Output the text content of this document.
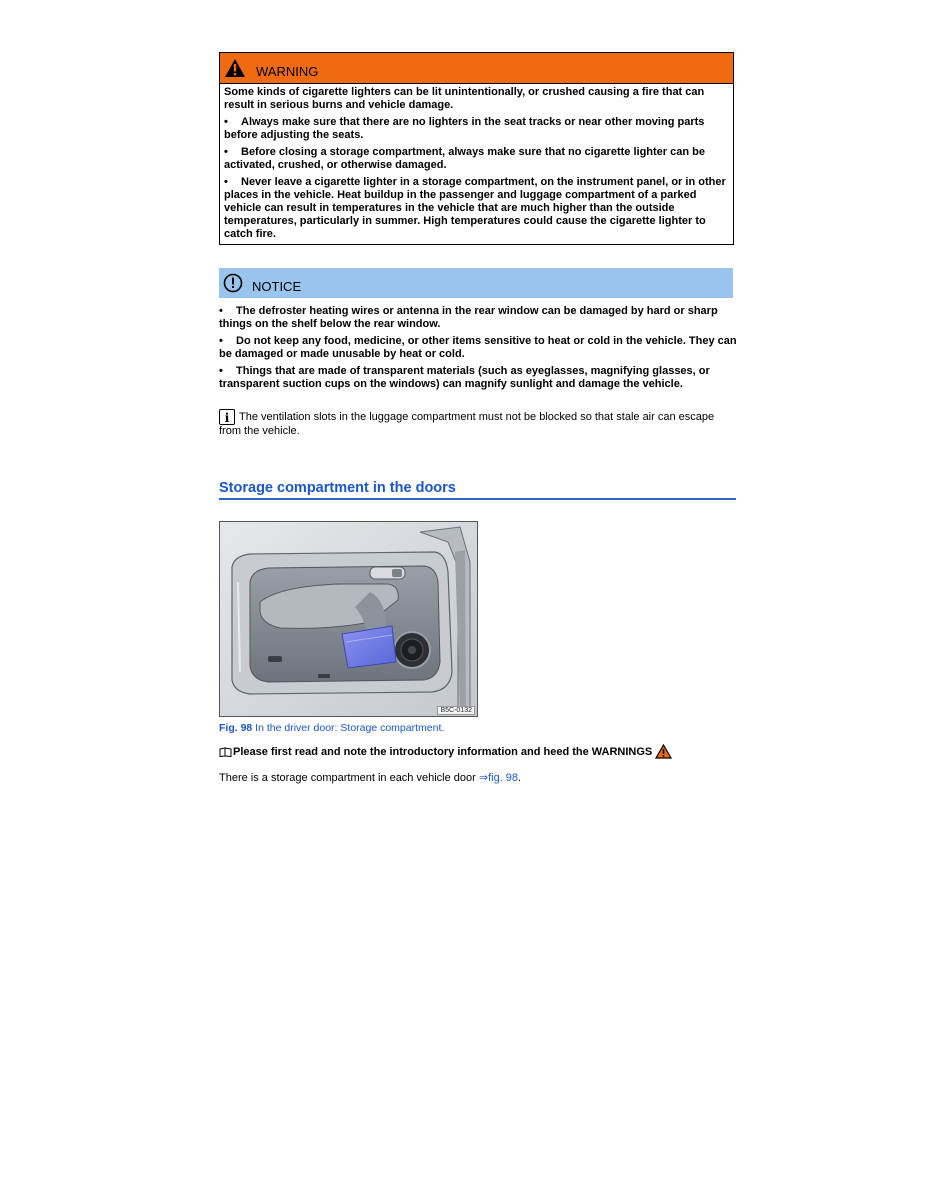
WARNING

Some kinds of cigarette lighters can be lit unintentionally, or crushed causing a fire that can result in serious burns and vehicle damage.

• Always make sure that there are no lighters in the seat tracks or near other moving parts before adjusting the seats.

• Before closing a storage compartment, always make sure that no cigarette lighter can be activated, crushed, or otherwise damaged.

• Never leave a cigarette lighter in a storage compartment, on the instrument panel, or in other places in the vehicle. Heat buildup in the passenger and luggage compartment of a parked vehicle can result in temperatures in the vehicle that are much higher than the outside temperatures, particularly in summer. High temperatures could cause the cigarette lighter to catch fire.

NOTICE

• The defroster heating wires or antenna in the rear window can be damaged by hard or sharp things on the shelf below the rear window.

• Do not keep any food, medicine, or other items sensitive to heat or cold in the vehicle. They can be damaged or made unusable by heat or cold.

• Things that are made of transparent materials (such as eyeglasses, magnifying glasses, or transparent suction cups on the windows) can magnify sunlight and damage the vehicle.

i The ventilation slots in the luggage compartment must not be blocked so that stale air can escape from the vehicle.
Storage compartment in the doors
B5C-0132
Fig. 98 In the driver door: Storage compartment.
Please first read and note the introductory information and heed the WARNINGS
There is a storage compartment in each vehicle door ⇒fig. 98.
